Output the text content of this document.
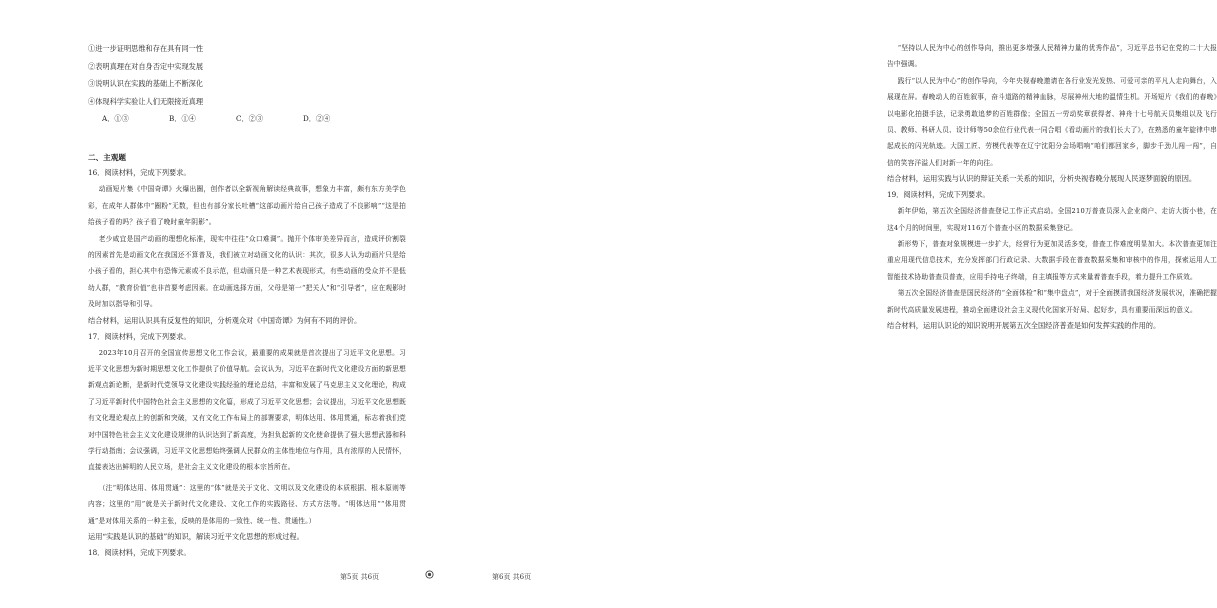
①进一步证明思维和存在具有同一性
②表明真理在对自身否定中实现发展
③说明认识在实践的基础上不断深化
④体现科学实验让人们无限接近真理
A．①③	B．①④	C．②③	D．②④
二、主观题
16．阅读材料，完成下列要求。
动画短片集《中国奇谭》火爆出圈，创作者以全新视角解读经典故事，想象力丰富，颇有东方美学色彩，在成年人群体中“圈粉”无数，但也有部分家长吐槽“这部动画片给自己孩子造成了不良影响”“这是拍给孩子看的吗？孩子看了晚时童年阴影”。
老少咸宜是国产动画的理想化标准，现实中往往“众口难调”。抛开个体审美差异而言，造成评价割裂的因素首先是动画文化在我国还不算普及，我们被立对动画文化的认识：其次，很多人认为动画片只是给小孩子看的，担心其中有恐怖元素或不良示范，但动画只是一种艺术表现形式，有些动画的受众并不是低幼人群，“教育价值”也非首要考虑因素。在动画选择方面，父母是第一“把关人”和“引导者”，应在观影时及时加以指导和引导。
结合材料，运用认识具有反复性的知识，分析观众对《中国奇谭》为何有不同的评价。
17．阅读材料，完成下列要求。
2023年10月召开的全国宣传思想文化工作会议，最重要的成果就是首次提出了习近平文化思想。习近平文化思想为新时期思想文化工作提供了价值导航。会议认为，习近平在新时代文化建设方面的新思想新观点新论断，是新时代党领导文化建设实践经验的理论总结，丰富和发展了马克思主义文化理论，构成了习近平新时代中国特色社会主义思想的文化篇，形成了习近平文化思想；会议提出，习近平文化思想既有文化理论观点上的创新和突破，又有文化工作布局上的部署要求，明体达用、体用贯通，标志着我们党对中国特色社会主义文化建设规律的认识达到了新高度，为担负起新的文化使命提供了强大思想武器和科学行动指南；会议强调，习近平文化思想始终强调人民群众的主体性地位与作用，具有浓厚的人民情怀，直接表达出鲜明的人民立场，是社会主义文化建设的根本宗旨所在。
（注“明体达用、体用贯通”：这里的“体”就是关于文化、文明以及文化建设的本质根据、根本原则等内容；这里的“用”就是关于新时代文化建设、文化工作的实践路径、方式方法等。“明体达用”“体用贯通”是对体用关系的一种主张，反映的是体用的一致性、统一性、贯通性。）
运用“实践是认识的基础”的知识，解读习近平文化思想的形成过程。
18．阅读材料，完成下列要求。
“坚持以人民为中心的创作导向，推出更多增强人民精神力量的优秀作品”，习近平总书记在党的二十大报告中强调。
践行“以人民为中心”的创作导向，今年央视春晚邀请在各行业发光发热、可爱可亲的平凡人走向舞台，入展现在屏。春晚动人的百姓叙事，奋斗道路的精神血脉，尽展神州大地的温情生机。开场短片《我们的春晚》以电影化拍摄手法，记录勇敢追梦的百姓群像；全国五一劳动奖章获得者、神舟十七号航天员集组以及飞行员、教师、科研人员、设计师等50余位行业代表一同合唱《看动画片的我们长大了》，在熟悉的童年旋律中串起成长的闪光轨迹。大国工匠、劳模代表等在辽宁沈阳分会场唱响“咱们都回家乡，脚步千劲儿闯一闯”，自信的笑容洋溢人们对新一年的向往。
结合材料，运用实践与认识的辩证关系一关系的知识，分析央视春晚分展现人民逐梦面貌的原因。
19．阅读材料，完成下列要求。
新年伊始，第五次全国经济普查登记工作正式启动。全国210万普查员深入企业商户、走访大街小巷，在这4个月的时间里，实现对116万个普查小区的数据采集登记。
新形势下，普查对象规模进一步扩大，经营行为更加灵活多变，普查工作难度明显加大。本次普查更加注重应用现代信息技术，充分发挥部门行政记录、大数据手段在普查数据采集和审核中的作用，探索运用人工智能技术协助普查员普查，应用手持电子终端，自主填报等方式来量着普查手段，着力提升工作质效。
第五次全国经济普查是国民经济的“全面体检”和“集中盘点”，对于全面摸清我国经济发展状况，准确把握新时代高质量发展进程，推动全面建设社会主义现代化国家开好局、起好步，具有重要而深远的意义。
结合材料，运用认识论的知识说明开展第五次全国经济普查是如何发挥实践的作用的。
第5页 共6页	第6页 共6页
